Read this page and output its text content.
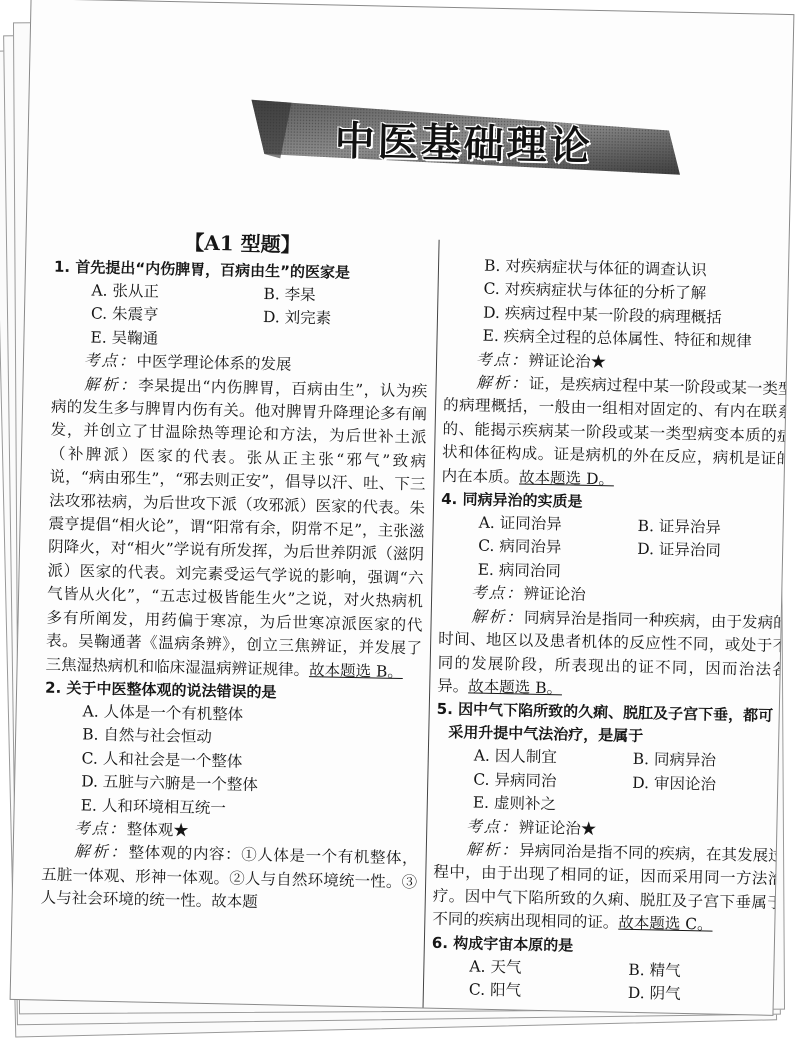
中医基础理论
【A1 型题】
1. 首先提出“内伤脾胃，百病由生”的医家是
A. 张从正	B. 李杲
C. 朱震亨	D. 刘完素
E. 吴鞠通
考点：中医学理论体系的发展
解析：李杲提出“内伤脾胃，百病由生”，认为疾病的发生多与脾胃内伤有关。他对脾胃升降理论多有阐发，并创立了甘温除热等理论和方法，为后世补土派（补脾派）医家的代表。张从正主张“邪气”致病说，“病由邪生”，“邪去则正安”，倡导以汗、吐、下三法攻邪祛病，为后世攻下派（攻邪派）医家的代表。朱震亨提倡“相火论”，谓“阳常有余，阴常不足”，主张滋阴降火，对“相火”学说有所发挥，为后世养阴派（滋阴派）医家的代表。刘完素受运气学说的影响，强调“六气皆从火化”，“五志过极皆能生火”之说，对火热病机多有所阐发，用药偏于寒凉，为后世寒凉派医家的代表。吴鞠通著《温病条辨》，创立三焦辨证，并发展了三焦湿热病机和临床湿温病辨证规律。故本题选 B。
2. 关于中医整体观的说法错误的是
A. 人体是一个有机整体
B. 自然与社会恒动
C. 人和社会是一个整体
D. 五脏与六腑是一个整体
E. 人和环境相互统一
考点：整体观★
解析：整体观的内容：①人体是一个有机整体，五脏一体观、形神一体观。②人与自然环境统一性。③人与社会环境的统一性。故本题
B. 对疾病症状与体征的调查认识
C. 对疾病症状与体征的分析了解
D. 疾病过程中某一阶段的病理概括
E. 疾病全过程的总体属性、特征和规律
考点：辨证论治★
解析：证，是疾病过程中某一阶段或某一类型的病理概括，一般由一组相对固定的、有内在联系的、能揭示疾病某一阶段或某一类型病变本质的症状和体征构成。证是病机的外在反应，病机是证的内在本质。故本题选 D。
4. 同病异治的实质是
A. 证同治异	B. 证异治异
C. 病同治异	D. 证异治同
E. 病同治同
考点：辨证论治
解析：同病异治是指同一种疾病，由于发病的时间、地区以及患者机体的反应性不同，或处于不同的发展阶段，所表现出的证不同，因而治法各异。故本题选 B。
5. 因中气下陷所致的久痢、脱肛及子宫下垂，都可采用升提中气法治疗，是属于
A. 因人制宜	B. 同病异治
C. 异病同治	D. 审因论治
E. 虚则补之
考点：辨证论治★
解析：异病同治是指不同的疾病，在其发展过程中，由于出现了相同的证，因而采用同一方法治疗。因中气下陷所致的久痢、脱肛及子宫下垂属于不同的疾病出现相同的证。故本题选 C。
6. 构成宇宙本原的是
A. 天气	B. 精气
C. 阳气	D. 阴气
